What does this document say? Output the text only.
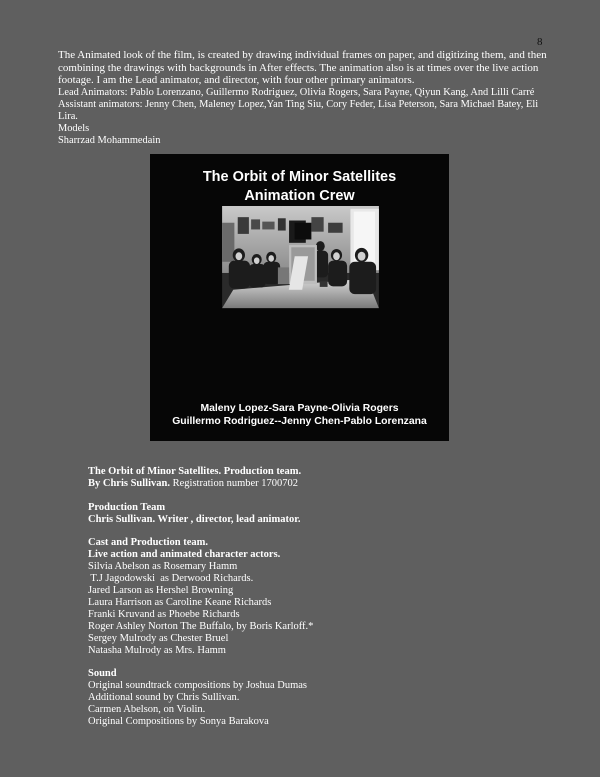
8

The Animated look of the film, is created by drawing individual frames on paper, and digitizing them, and then combining the drawings with backgrounds in After effects. The animation also is at times over the live action footage. I am the Lead animator, and director, with four other primary animators.

Lead Animators: Pablo Lorenzano, Guillermo Rodriguez, Olivia Rogers, Sara Payne, Qiyun Kang, And Lilli Carré

Assistant animators: Jenny Chen, Maleney Lopez,Yan Ting Siu, Cory Feder, Lisa Peterson, Sara Michael Batey, Eli Lira.

Models

Sharrzad Mohammedain

The Orbit of Minor Satellites
Animation Crew
Maleny Lopez-Sara Payne-Olivia Rogers
Guillermo Rodriguez--Jenny Chen-Pablo Lorenzana
The Orbit of Minor Satellites. Production team.
By Chris Sullivan. Registration number 1700702
Production Team
Chris Sullivan. Writer , director, lead animator.
Cast and Production team.
Live action and animated character actors.
Silvia Abelson as Rosemary Hamm
T.J Jagodowski  as Derwood Richards.
Jared Larson as Hershel Browning
Laura Harrison as Caroline Keane Richards
Franki Kruvand as Phoebe Richards
Roger Ashley Norton The Buffalo, by Boris Karloff.*
Sergey Mulrody as Chester Bruel
Natasha Mulrody as Mrs. Hamm
Sound
Original soundtrack compositions by Joshua Dumas
Additional sound by Chris Sullivan.
Carmen Abelson, on Violin.
Original Compositions by Sonya Barakova
